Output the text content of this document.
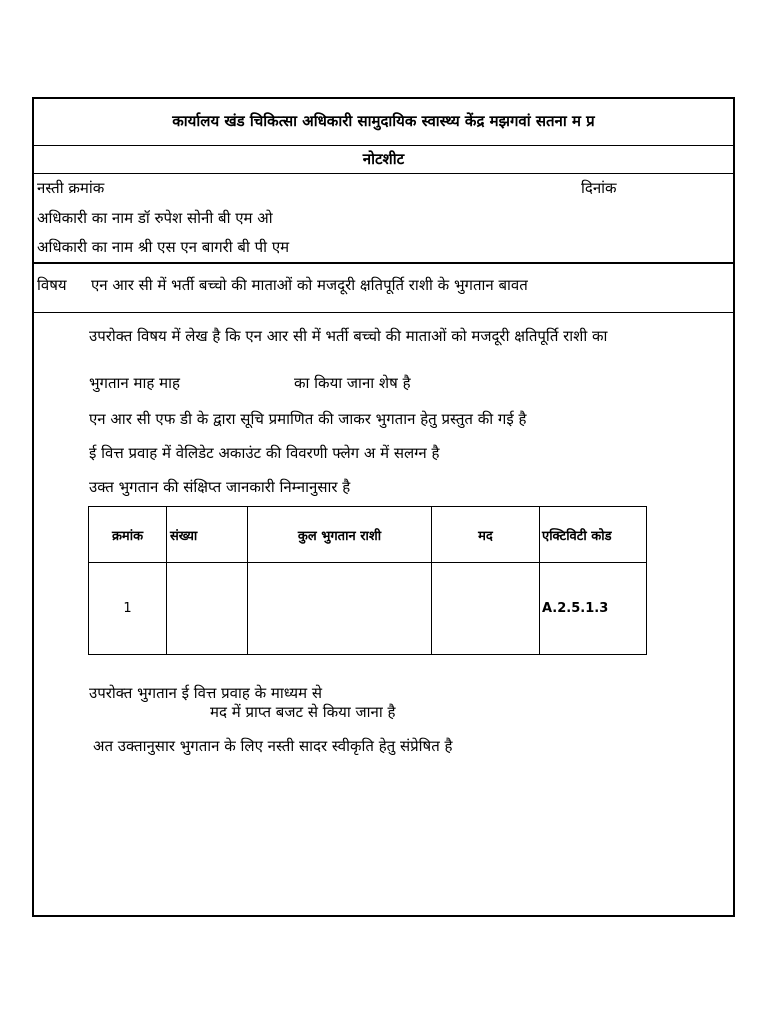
कार्यालय खंड चिकित्सा अधिकारी सामुदायिक स्वास्थ्य केंद्र मझगवां सतना म प्र
नोटशीट
नस्ती क्रमांक	दिनांक
अधिकारी का नाम डॉ रुपेश सोनी बी एम ओ
अधिकारी का नाम श्री एस एन बागरी बी पी एम
विषय एन आर सी में भर्ती बच्चो की माताओं को मजदूरी क्षतिपूर्ति राशी के भुगतान बावत
उपरोक्त विषय में लेख है कि एन आर सी में भर्ती बच्चो की माताओं को मजदूरी क्षतिपूर्ति राशी का
भुगतान माह माह	का किया जाना शेष है
एन आर सी एफ डी के द्वारा सूचि प्रमाणित की जाकर भुगतान हेतु प्रस्तुत की गई है
ई वित्त प्रवाह में वेलिडेट अकाउंट की विवरणी फ्लेग अ में सलग्न है
उक्त भुगतान की संक्षिप्त जानकारी निम्नानुसार है
क्रमांक	संख्या	कुल भुगतान राशी	मद	एक्टिविटी कोड
1				A.2.5.1.3
उपरोक्त भुगतान ई वित्त प्रवाह के माध्यम से
मद में प्राप्त बजट से किया जाना है
अत उक्तानुसार भुगतान के लिए नस्ती सादर स्वीकृति हेतु संप्रेषित है
